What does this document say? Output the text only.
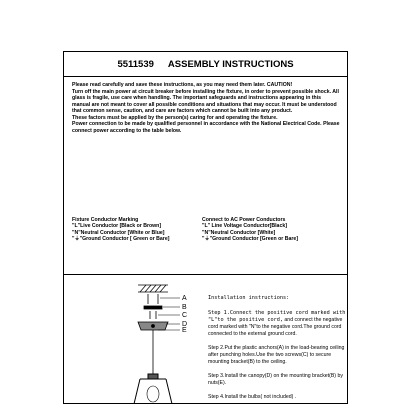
5511539 ASSEMBLY INSTRUCTIONS

Please read carefully and save these instructions, as you may need them later. CAUTION!

Turn off the main power at circuit breaker before installing the fixture, in order to prevent possible shock. All glass is fragile, use care when handling. The important safeguards and instructions appearing in this manual are not meant to cover all possible conditions and situations that may occur. It must be understood that common sense, caution, and care are factors which cannot be built into any product.

These factors must be applied by the person(s) caring for and operating the fixture.

Power connection to be made by qualified personnel in accordance with the National Electrical Code. Please connect power according to the table below.

Fixture Conductor Marking	Connect to AC Power Conductors
"L"Live Conductor [Black or Brown]	"L" Line Voltage Conductor[Black]
"N"Neutral Conductor [White or Blue]	"N"Neutral Conductor [White]
"⏚"Ground Conductor [ Green or Bare]	"⏚"Ground Conductor [Green or Bare]
A
B
C
D
E
Installation instructions:
Step 1.Connect the positive cord marked with "L"to the positive cord, and connect the negative cord marked with "N"to the negative cord.The ground cord connected to the external ground cord.
Step 2.Put the plastic anchors(A) in the load-bearing ceiling after punching holes.Use the two screws(C) to secure mounting bracket(B) to the ceiling.
Step 3.Install the canopy(D) on the mounting bracket(B) by nuts(E).
Step 4.Install the bulbs( not included) .
